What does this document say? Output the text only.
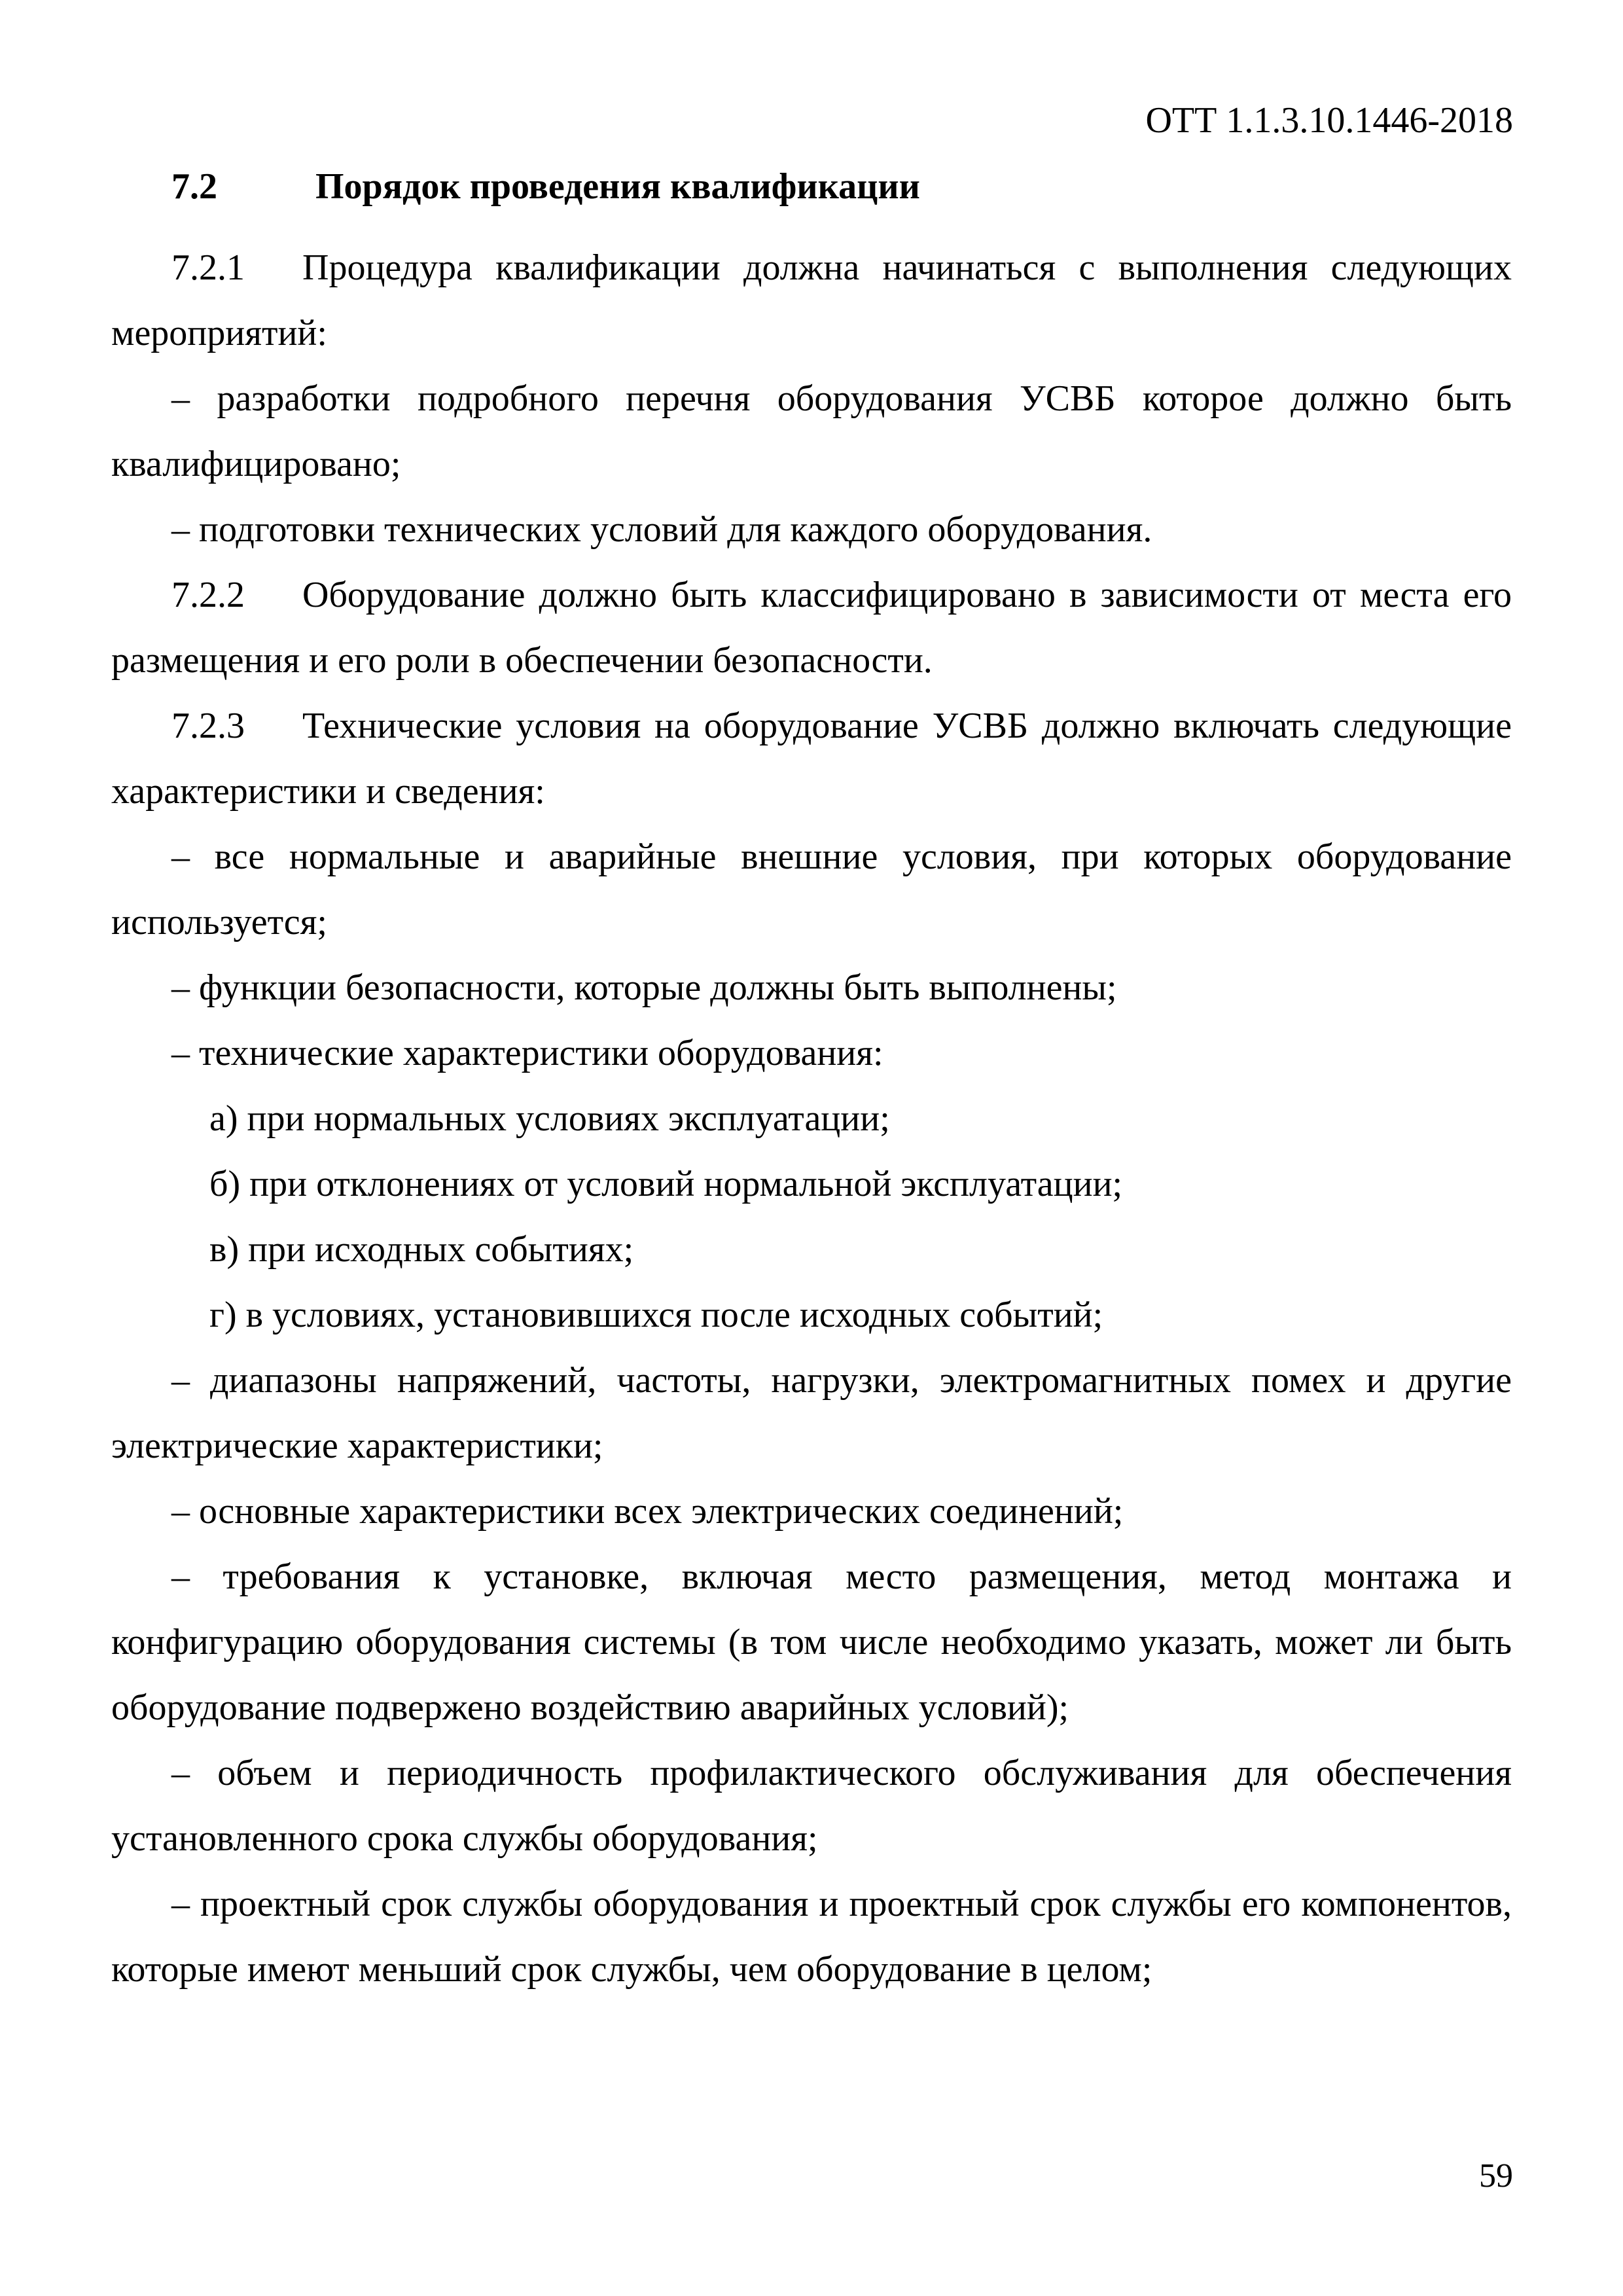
ОТТ 1.1.3.10.1446-2018
7.2	Порядок проведения квалификации

7.2.1 Процедура квалификации должна начинаться с выполнения следующих мероприятий:

– разработки подробного перечня оборудования УСВБ которое должно быть квалифицировано;

– подготовки технических условий для каждого оборудования.

7.2.2 Оборудование должно быть классифицировано в зависимости от места его размещения и его роли в обеспечении безопасности.

7.2.3 Технические условия на оборудование УСВБ должно включать следующие характеристики и сведения:

– все нормальные и аварийные внешние условия, при которых оборудование используется;

– функции безопасности, которые должны быть выполнены;

– технические характеристики оборудования:

а) при нормальных условиях эксплуатации;

б) при отклонениях от условий нормальной эксплуатации;

в) при исходных событиях;

г) в условиях, установившихся после исходных событий;

– диапазоны напряжений, частоты, нагрузки, электромагнитных помех и другие электрические характеристики;

– основные характеристики всех электрических соединений;

– требования к установке, включая место размещения, метод монтажа и конфигурацию оборудования системы (в том числе необходимо указать, может ли быть оборудование подвержено воздействию аварийных условий);

– объем и периодичность профилактического обслуживания для обеспечения установленного срока службы оборудования;

– проектный срок службы оборудования и проектный срок службы его компонентов, которые имеют меньший срок службы, чем оборудование в целом;

59
